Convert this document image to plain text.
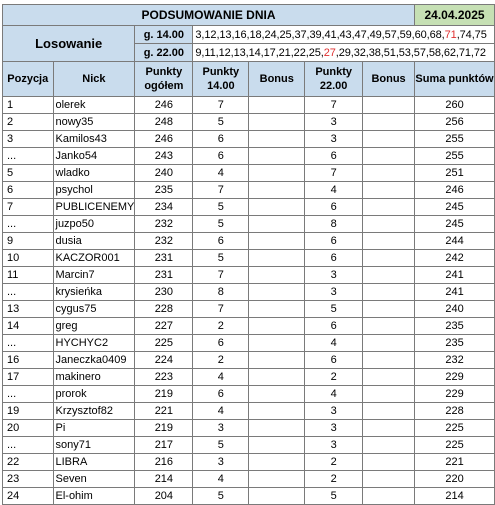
PODSUMOWANIE DNIA							24.04.2025
Losowanie		g. 14.00	3,12,13,16,18,24,25,37,39,41,43,47,49,57,59,60,68,71,74,75				
		g. 22.00	9,11,12,13,14,17,21,22,25,27,29,32,38,51,53,57,58,62,71,72				
Pozycja	Nick	Punkty ogółem	Punkty 14.00	Bonus	Punkty 22.00	Bonus	Suma punktów
1	olerek	246	7		7		260
2	nowy35	248	5		3		256
3	Kamilos43	246	6		3		255
...	Janko54	243	6		6		255
5	wladko	240	4		7		251
6	psychol	235	7		4		246
7	PUBLICENEMY	234	5		6		245
...	juzpo50	232	5		8		245
9	dusia	232	6		6		244
10	KACZOR001	231	5		6		242
11	Marcin7	231	7		3		241
...	krysieńka	230	8		3		241
13	cygus75	228	7		5		240
14	greg	227	2		6		235
...	HYCHYC2	225	6		4		235
16	Janeczka0409	224	2		6		232
17	makinero	223	4		2		229
...	prorok	219	6		4		229
19	Krzysztof82	221	4		3		228
20	Pi	219	3		3		225
...	sony71	217	5		3		225
22	LIBRA	216	3		2		221
23	Seven	214	4		2		220
24	El-ohim	204	5		5		214
